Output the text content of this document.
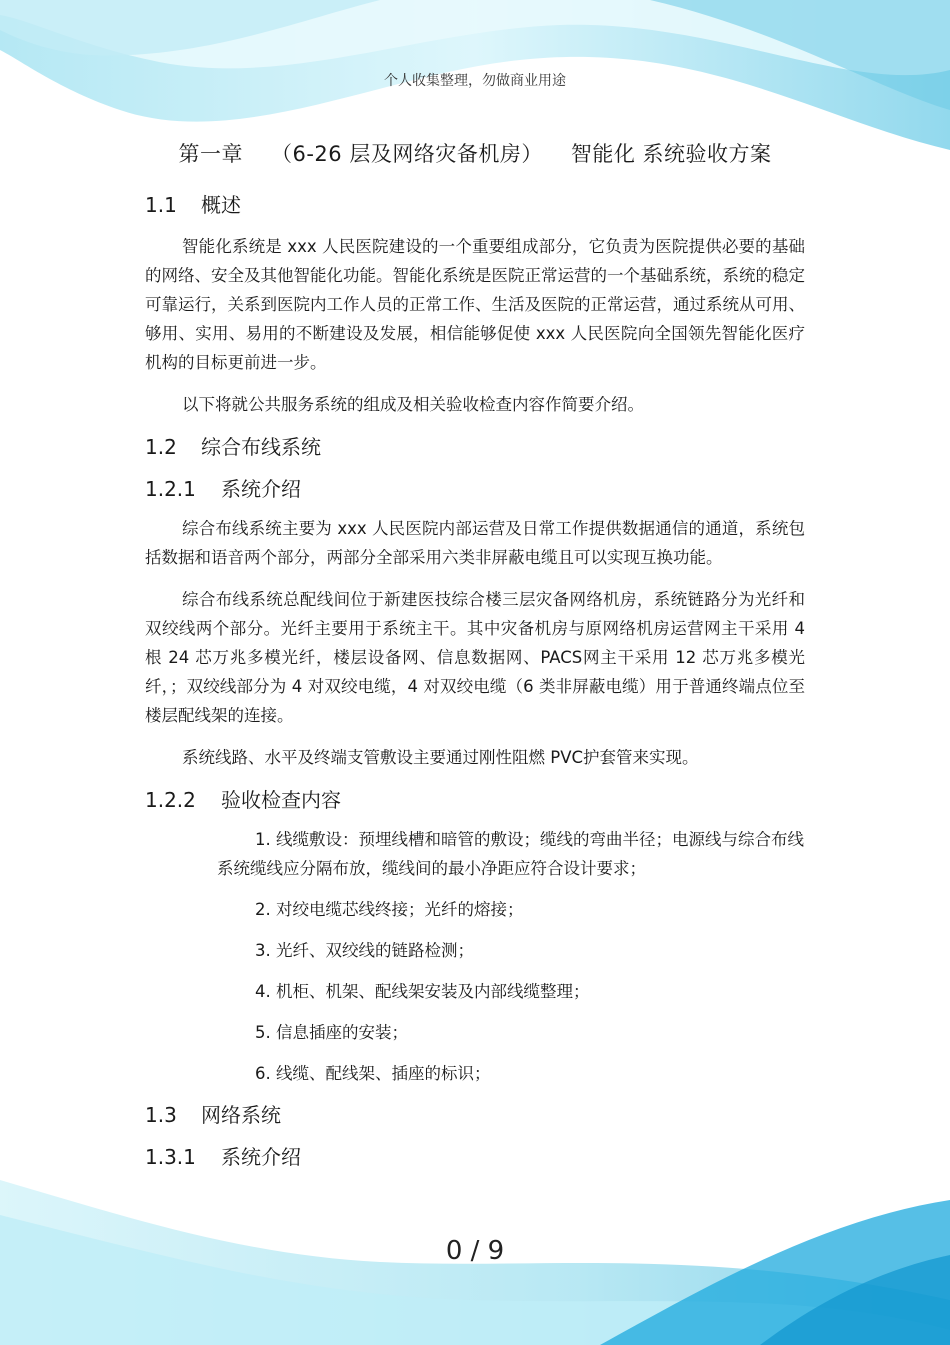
个人收集整理，勿做商业用途
第一章 （6-26 层及网络灾备机房） 智能化 系统验收方案
1.1 概述
智能化系统是 xxx 人民医院建设的一个重要组成部分，它负责为医院提供必要的基础的网络、安全及其他智能化功能。智能化系统是医院正常运营的一个基础系统，系统的稳定可靠运行，关系到医院内工作人员的正常工作、生活及医院的正常运营，通过系统从可用、够用、实用、易用的不断建设及发展，相信能够促使 xxx 人民医院向全国领先智能化医疗机构的目标更前进一步。
以下将就公共服务系统的组成及相关验收检查内容作简要介绍。
1.2 综合布线系统
1.2.1 系统介绍
综合布线系统主要为 xxx 人民医院内部运营及日常工作提供数据通信的通道，系统包括数据和语音两个部分，两部分全部采用六类非屏蔽电缆且可以实现互换功能。
综合布线系统总配线间位于新建医技综合楼三层灾备网络机房，系统链路分为光纤和双绞线两个部分。光纤主要用于系统主干。其中灾备机房与原网络机房运营网主干采用 4 根 24 芯万兆多模光纤，楼层设备网、信息数据网、PACS网主干采用 12 芯万兆多模光纤，；双绞线部分为 4 对双绞电缆，4 对双绞电缆（6 类非屏蔽电缆）用于普通终端点位至楼层配线架的连接。
系统线路、水平及终端支管敷设主要通过刚性阻燃 PVC护套管来实现。
1.2.2 验收检查内容
1. 线缆敷设：预埋线槽和暗管的敷设；缆线的弯曲半径；电源线与综合布线系统缆线应分隔布放，缆线间的最小净距应符合设计要求；
2. 对绞电缆芯线终接；光纤的熔接；
3. 光纤、双绞线的链路检测；
4. 机柜、机架、配线架安装及内部线缆整理；
5. 信息插座的安装；
6. 线缆、配线架、插座的标识；
1.3 网络系统
1.3.1 系统介绍
0 / 9
